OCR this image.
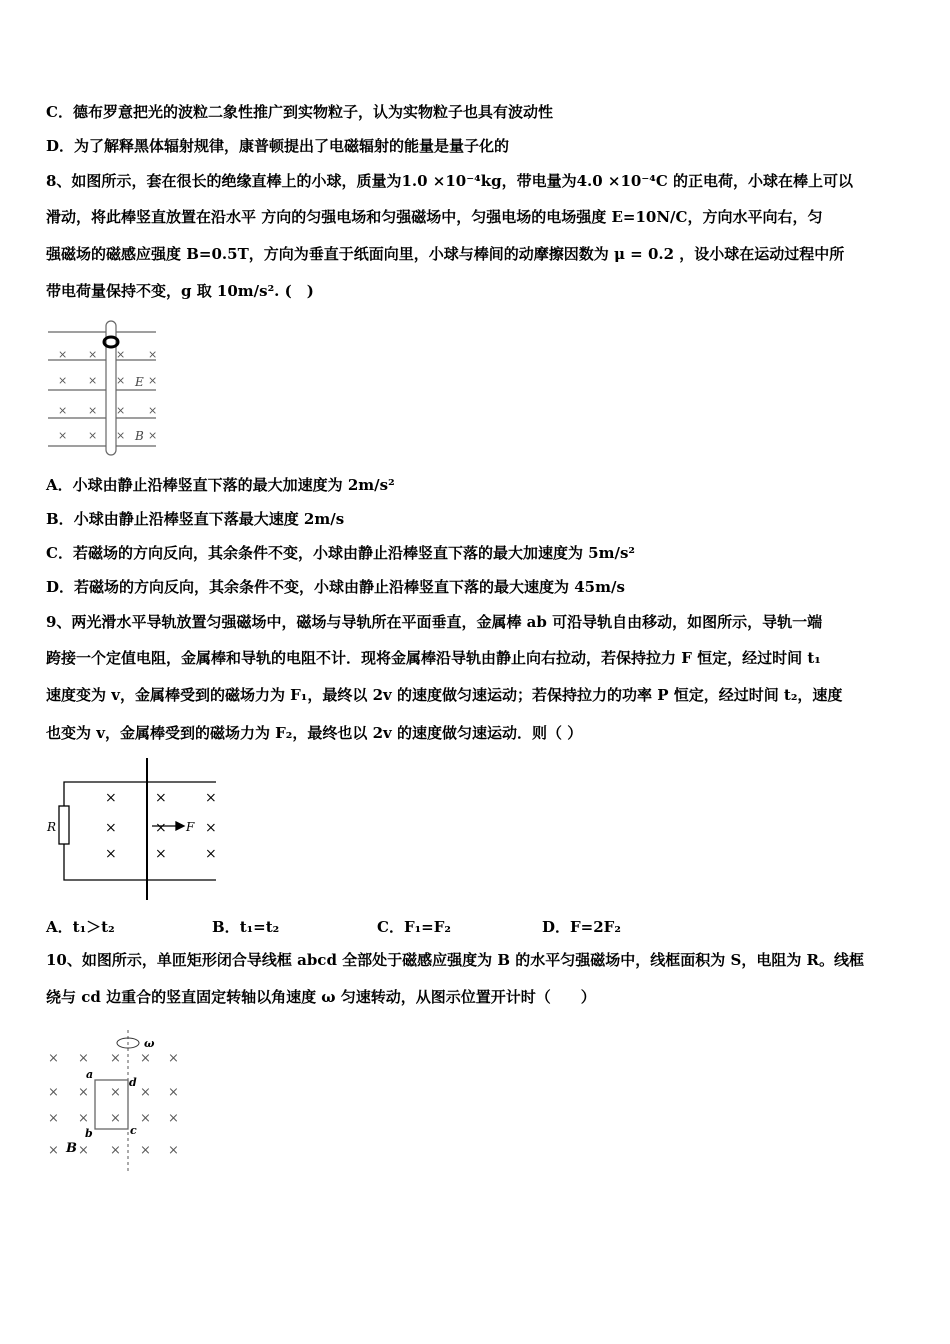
C．德布罗意把光的波粒二象性推广到实物粒子，认为实物粒子也具有波动性
D．为了解释黑体辐射规律，康普顿提出了电磁辐射的能量是量子化的
8、如图所示，套在很长的绝缘直棒上的小球，质量为1.0 ×10⁻⁴kg，带电量为4.0 ×10⁻⁴C 的正电荷，小球在棒上可以
滑动，将此棒竖直放置在沿水平 方向的匀强电场和匀强磁场中，匀强电场的电场强度 E=10N/C，方向水平向右，匀
强磁场的磁感应强度 B=0.5T，方向为垂直于纸面向里，小球与棒间的动摩擦因数为 μ = 0.2 ，设小球在运动过程中所
带电荷量保持不变，g 取 10m/s². (　)
× × × ×
× × × ×
× × × ×
× × × ×
E
B
A．小球由静止沿棒竖直下落的最大加速度为 2m/s²
B．小球由静止沿棒竖直下落最大速度 2m/s
C．若磁场的方向反向，其余条件不变，小球由静止沿棒竖直下落的最大加速度为 5m/s²
D．若磁场的方向反向，其余条件不变，小球由静止沿棒竖直下落的最大速度为 45m/s
9、两光滑水平导轨放置匀强磁场中，磁场与导轨所在平面垂直，金属棒 ab 可沿导轨自由移动，如图所示，导轨一端
跨接一个定值电阻，金属棒和导轨的电阻不计．现将金属棒沿导轨由静止向右拉动，若保持拉力 F 恒定，经过时间 t₁
速度变为 v，金属棒受到的磁场力为 F₁，最终以 2v 的速度做匀速运动；若保持拉力的功率 P 恒定，经过时间 t₂，速度
也变为 v，金属棒受到的磁场力为 F₂，最终也以 2v 的速度做匀速运动．则（ ）
×	×	×
×	×	×
×	×	×
R	F
A．t₁＞t₂	B．t₁=t₂	C．F₁=F₂	D．F=2F₂
10、如图所示，单匝矩形闭合导线框 abcd 全部处于磁感应强度为 B 的水平匀强磁场中，线框面积为 S，电阻为 R。线框
绕与 cd 边重合的竖直固定转轴以角速度 ω 匀速转动，从图示位置开计时（　　）
× × × × ×
× × × × ×
× × × × ×
× × × × ×
ω
a
d
b	c
B
